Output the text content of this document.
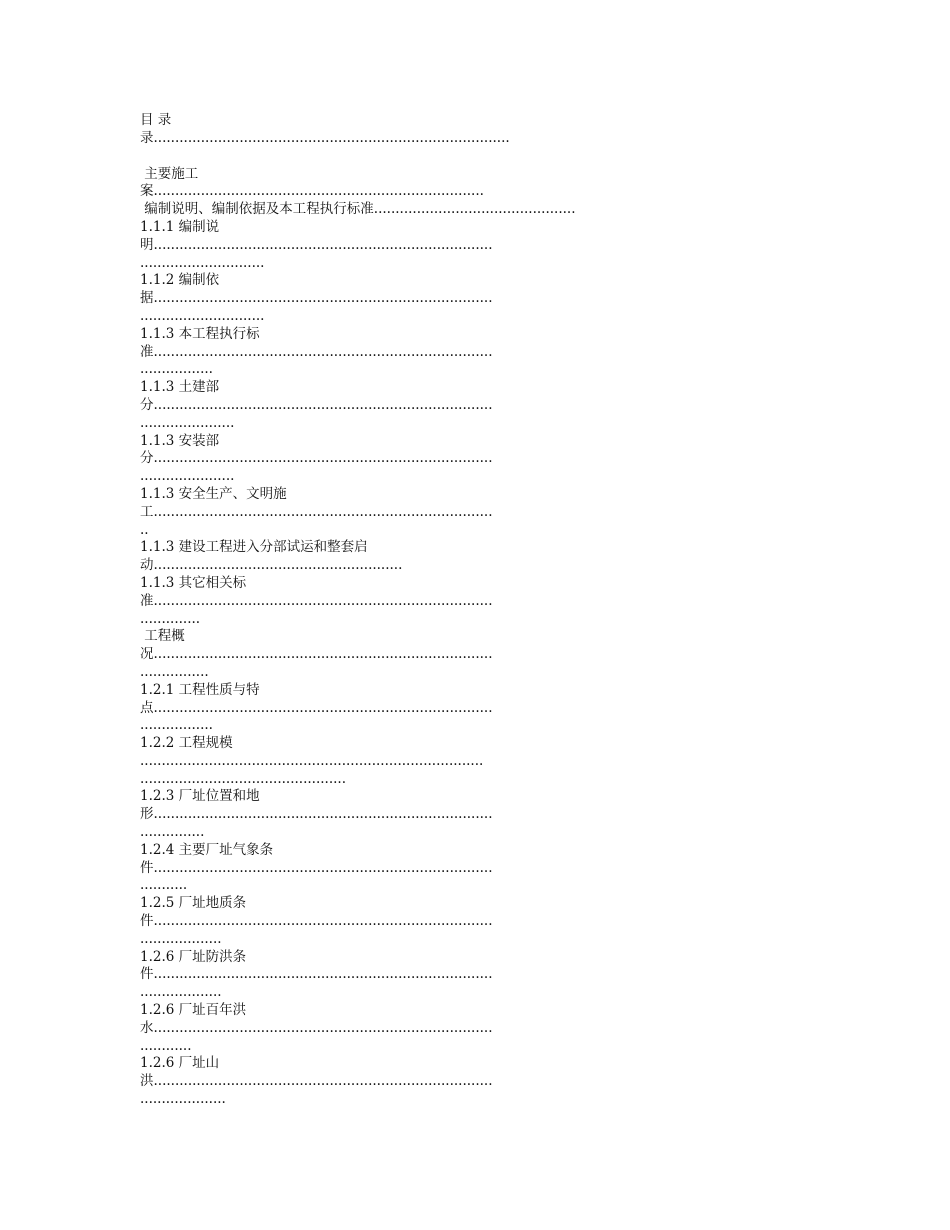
目 录
录...................................................................................
主要施工
案.............................................................................
编制说明、编制依据及本工程执行标准...............................................
1.1.1 编制说
明...............................................................................
.............................
1.1.2 编制依
据...............................................................................
.............................
1.1.3 本工程执行标
准...............................................................................
.................
1.1.3 土建部
分...............................................................................
......................
1.1.3 安装部
分...............................................................................
......................
1.1.3 安全生产、文明施
工...............................................................................
..
1.1.3 建设工程进入分部试运和整套启
动..........................................................
1.1.3 其它相关标
准...............................................................................
..............
工程概
况...............................................................................
................
1.2.1 工程性质与特
点...............................................................................
.................
1.2.2 工程规模
................................................................................
................................................
1.2.3 厂址位置和地
形...............................................................................
...............
1.2.4 主要厂址气象条
件...............................................................................
...........
1.2.5 厂址地质条
件...............................................................................
...................
1.2.6 厂址防洪条
件...............................................................................
...................
1.2.6 厂址百年洪
水...............................................................................
............
1.2.6 厂址山
洪...............................................................................
....................
